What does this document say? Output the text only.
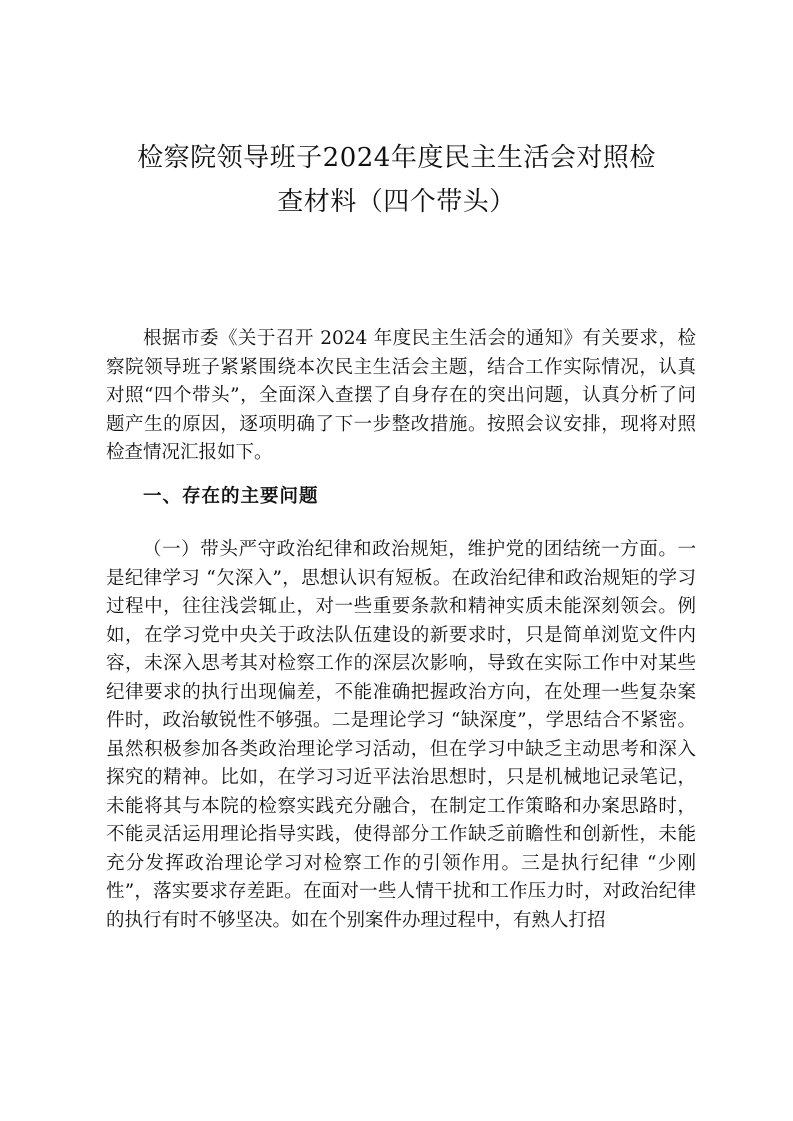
检察院领导班子2024年度民主生活会对照检
查材料（四个带头）

根据市委《关于召开 2024 年度民主生活会的通知》有关要求，检察院领导班子紧紧围绕本次民主生活会主题，结合工作实际情况，认真对照“四个带头”，全面深入查摆了自身存在的突出问题，认真分析了问题产生的原因，逐项明确了下一步整改措施。按照会议安排，现将对照检查情况汇报如下。

一、存在的主要问题

（一）带头严守政治纪律和政治规矩，维护党的团结统一方面。一是纪律学习 “欠深入”，思想认识有短板。在政治纪律和政治规矩的学习过程中，往往浅尝辄止，对一些重要条款和精神实质未能深刻领会。例如，在学习党中央关于政法队伍建设的新要求时，只是简单浏览文件内容，未深入思考其对检察工作的深层次影响，导致在实际工作中对某些纪律要求的执行出现偏差，不能准确把握政治方向，在处理一些复杂案件时，政治敏锐性不够强。二是理论学习 “缺深度”，学思结合不紧密。虽然积极参加各类政治理论学习活动，但在学习中缺乏主动思考和深入探究的精神。比如，在学习习近平法治思想时，只是机械地记录笔记，未能将其与本院的检察实践充分融合，在制定工作策略和办案思路时，不能灵活运用理论指导实践，使得部分工作缺乏前瞻性和创新性，未能充分发挥政治理论学习对检察工作的引领作用。三是执行纪律 “少刚性”，落实要求存差距。在面对一些人情干扰和工作压力时，对政治纪律的执行有时不够坚决。如在个别案件办理过程中，有熟人打招
